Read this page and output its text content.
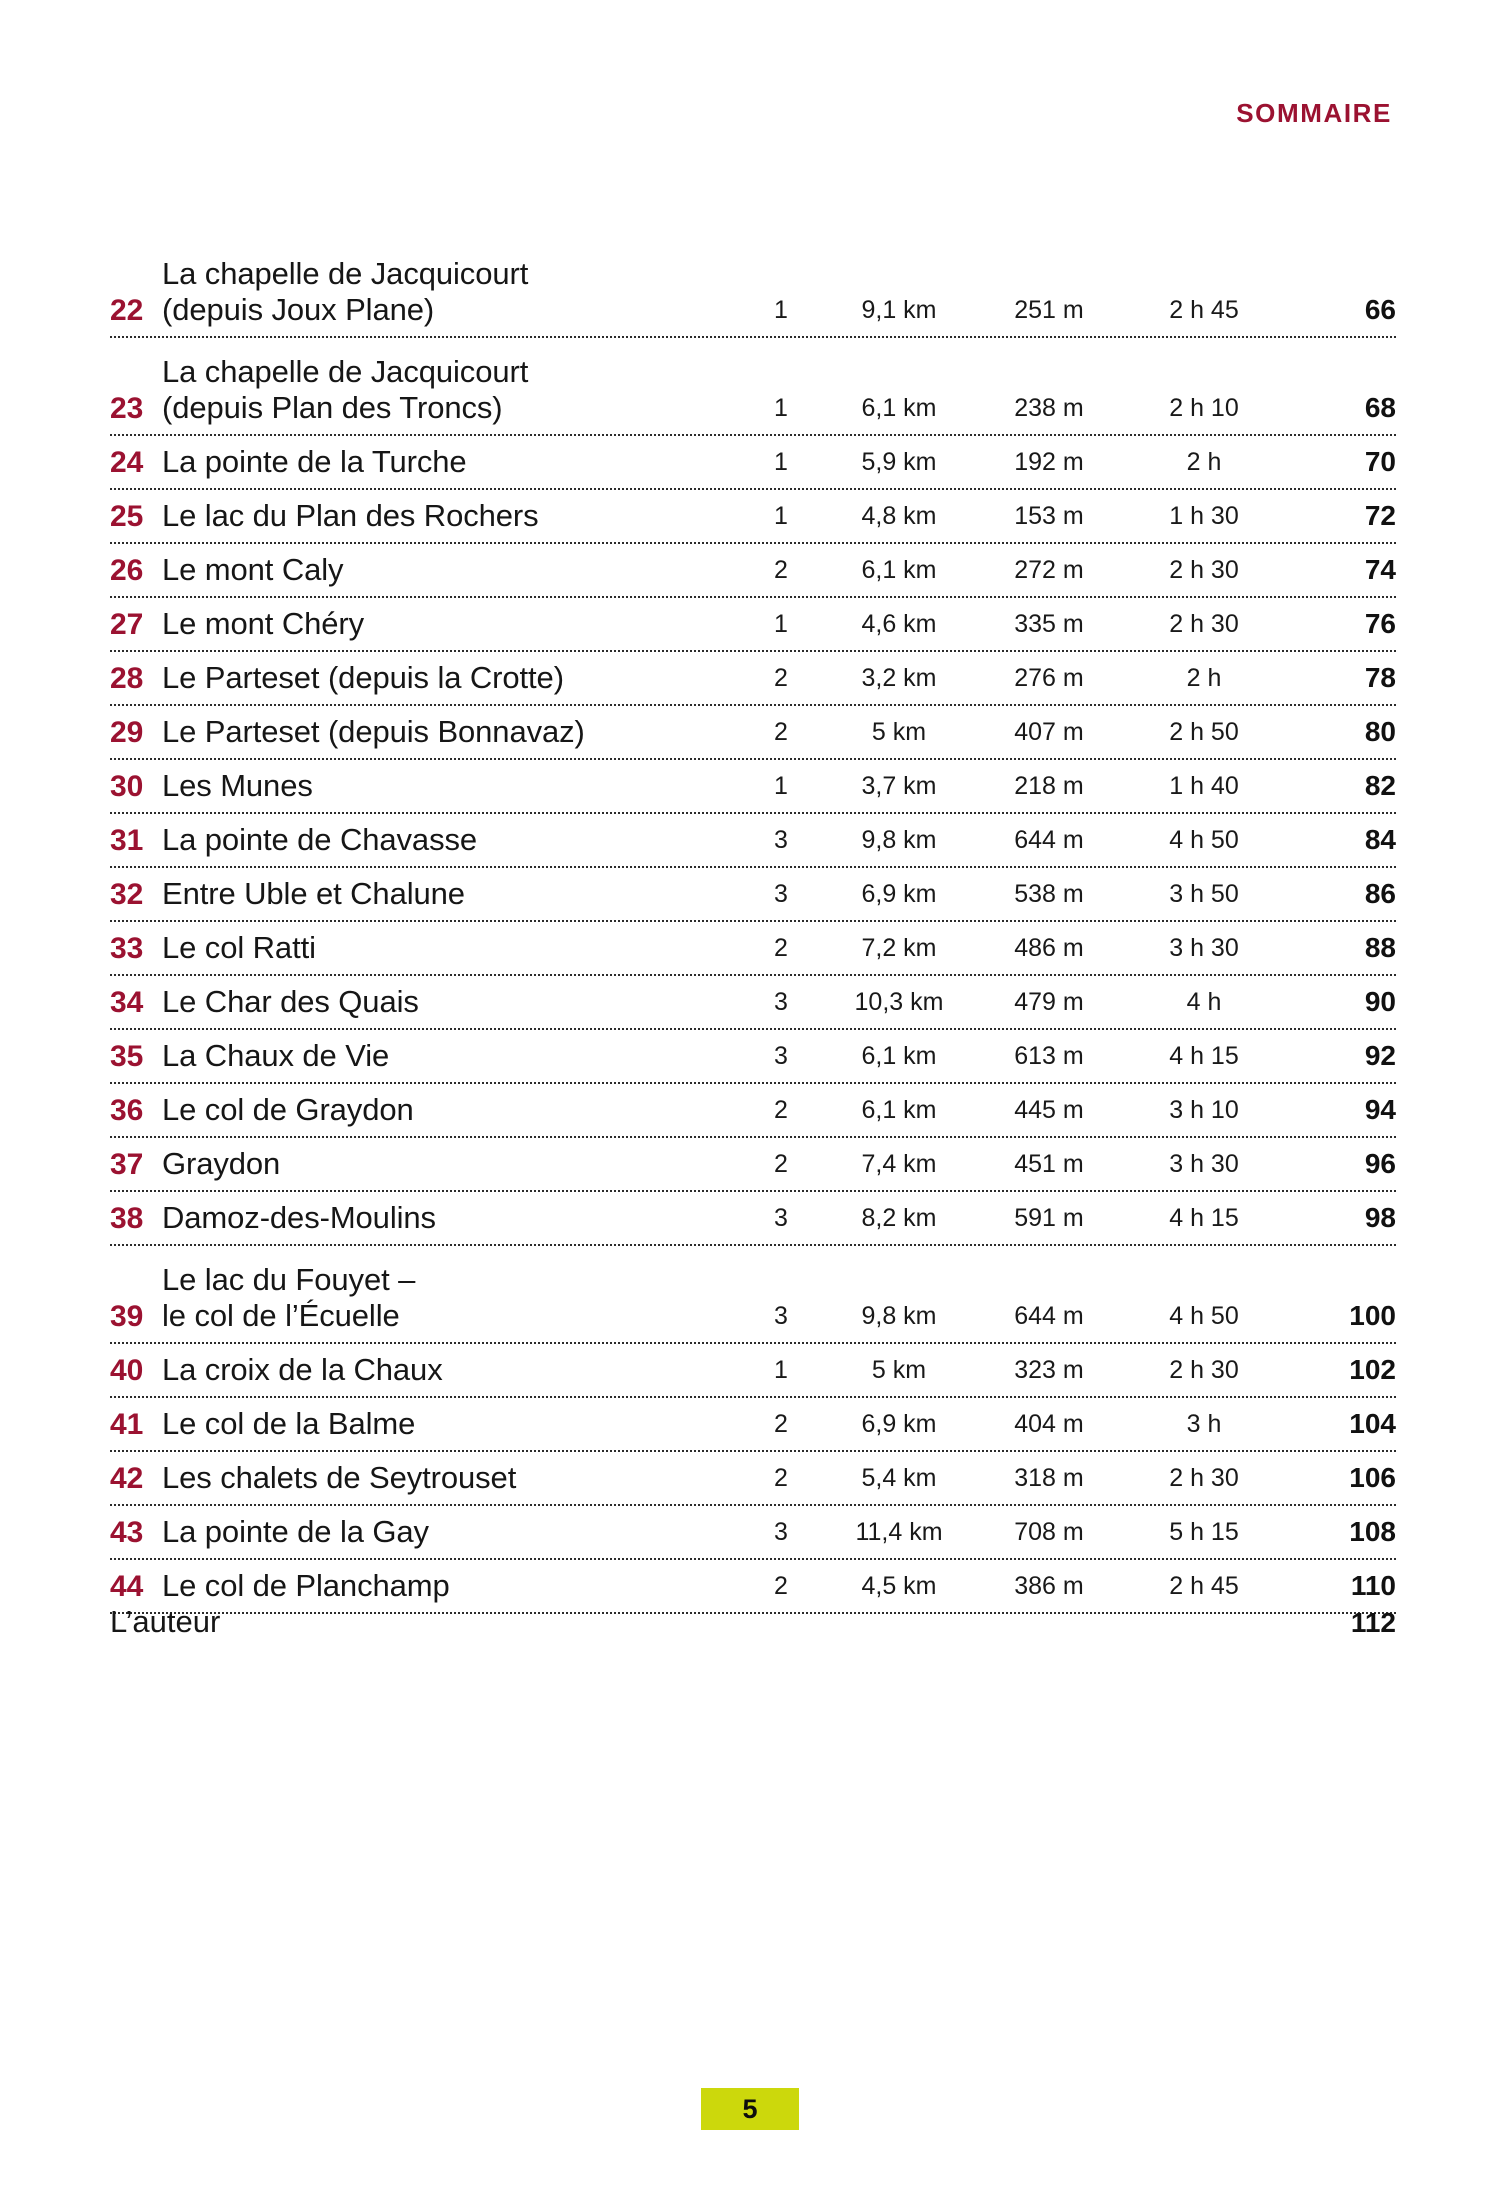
SOMMAIRE
22
La chapelle de Jacquicourt
(depuis Joux Plane)	1	9,1 km	251 m	2 h 45	66
23
La chapelle de Jacquicourt
(depuis Plan des Troncs)	1	6,1 km	238 m	2 h 10	68
24 La pointe de la Turche	1	5,9 km	192 m	2 h	70
25 Le lac du Plan des Rochers	1	4,8 km	153 m	1 h 30	72
26 Le mont Caly	2	6,1 km	272 m	2 h 30	74
27 Le mont Chéry	1	4,6 km	335 m	2 h 30	76
28 Le Parteset (depuis la Crotte)	2	3,2 km	276 m	2 h	78
29 Le Parteset (depuis Bonnavaz)	2	5 km	407 m	2 h 50	80
30 Les Munes	1	3,7 km	218 m	1 h 40	82
31 La pointe de Chavasse	3	9,8 km	644 m	4 h 50	84
32 Entre Uble et Chalune	3	6,9 km	538 m	3 h 50	86
33 Le col Ratti	2	7,2 km	486 m	3 h 30	88
34 Le Char des Quais	3	10,3 km	479 m	4 h	90
35 La Chaux de Vie	3	6,1 km	613 m	4 h 15	92
36 Le col de Graydon	2	6,1 km	445 m	3 h 10	94
37 Graydon	2	7,4 km	451 m	3 h 30	96
38 Damoz-des-Moulins	3	8,2 km	591 m	4 h 15	98
39
Le lac du Fouyet –
le col de l’Écuelle	3	9,8 km	644 m	4 h 50	100
40 La croix de la Chaux	1	5 km	323 m	2 h 30	102
41 Le col de la Balme	2	6,9 km	404 m	3 h	104
42 Les chalets de Seytrouset	2	5,4 km	318 m	2 h 30	106
43 La pointe de la Gay	3	11,4 km	708 m	5 h 15	108
44 Le col de Planchamp	2	4,5 km	386 m	2 h 45	110
L’auteur	112
5
